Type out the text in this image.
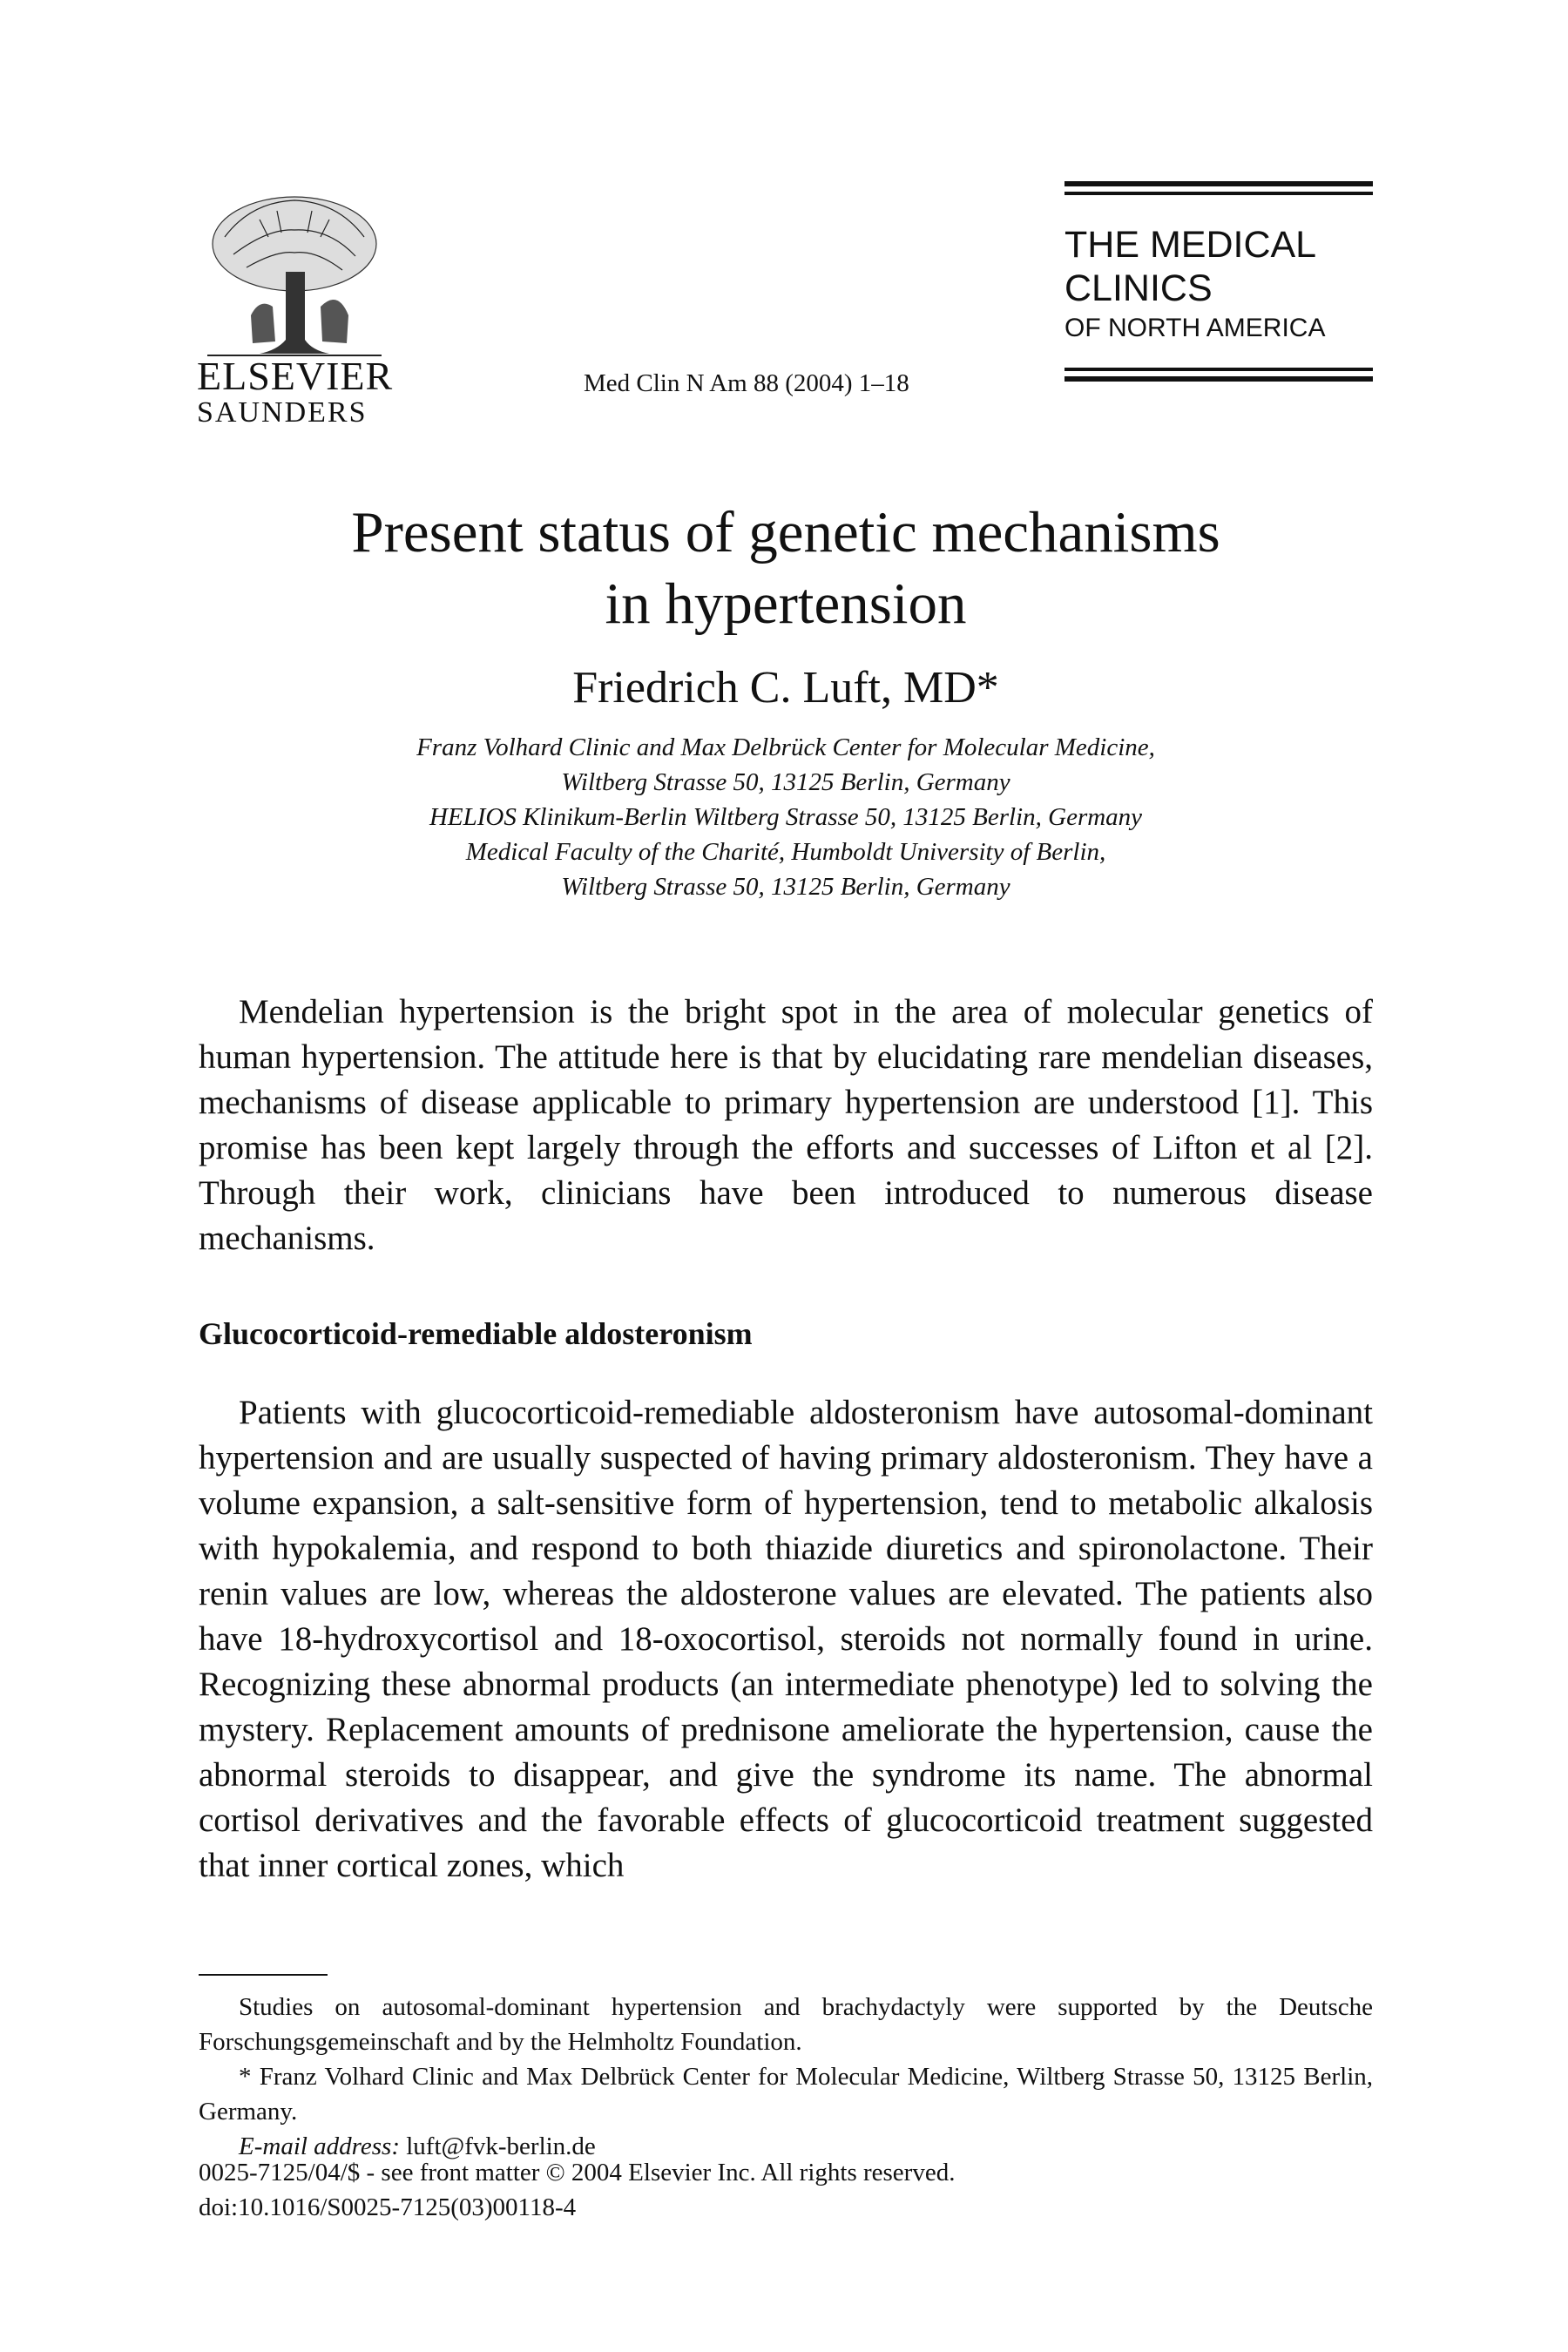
ELSEVIER
SAUNDERS
Med Clin N Am 88 (2004) 1–18
THE MEDICAL
CLINICS
OF NORTH AMERICA
Present status of genetic mechanisms
in hypertension
Friedrich C. Luft, MD*
Franz Volhard Clinic and Max Delbrück Center for Molecular Medicine,
Wiltberg Strasse 50, 13125 Berlin, Germany
HELIOS Klinikum-Berlin Wiltberg Strasse 50, 13125 Berlin, Germany
Medical Faculty of the Charité, Humboldt University of Berlin,
Wiltberg Strasse 50, 13125 Berlin, Germany

Mendelian hypertension is the bright spot in the area of molecular genetics of human hypertension. The attitude here is that by elucidating rare mendelian diseases, mechanisms of disease applicable to primary hypertension are understood [1]. This promise has been kept largely through the efforts and successes of Lifton et al [2]. Through their work, clinicians have been introduced to numerous disease mechanisms.

Glucocorticoid-remediable aldosteronism

Patients with glucocorticoid-remediable aldosteronism have autosomal-dominant hypertension and are usually suspected of having primary aldosteronism. They have a volume expansion, a salt-sensitive form of hypertension, tend to metabolic alkalosis with hypokalemia, and respond to both thiazide diuretics and spironolactone. Their renin values are low, whereas the aldosterone values are elevated. The patients also have 18-hydroxycortisol and 18-oxocortisol, steroids not normally found in urine. Recognizing these abnormal products (an intermediate phenotype) led to solving the mystery. Replacement amounts of prednisone ameliorate the hypertension, cause the abnormal steroids to disappear, and give the syndrome its name. The abnormal cortisol derivatives and the favorable effects of glucocorticoid treatment suggested that inner cortical zones, which

Studies on autosomal-dominant hypertension and brachydactyly were supported by the Deutsche Forschungsgemeinschaft and by the Helmholtz Foundation.

* Franz Volhard Clinic and Max Delbrück Center for Molecular Medicine, Wiltberg Strasse 50, 13125 Berlin, Germany.

E-mail address: luft@fvk-berlin.de

0025-7125/04/$ - see front matter © 2004 Elsevier Inc. All rights reserved.
doi:10.1016/S0025-7125(03)00118-4
